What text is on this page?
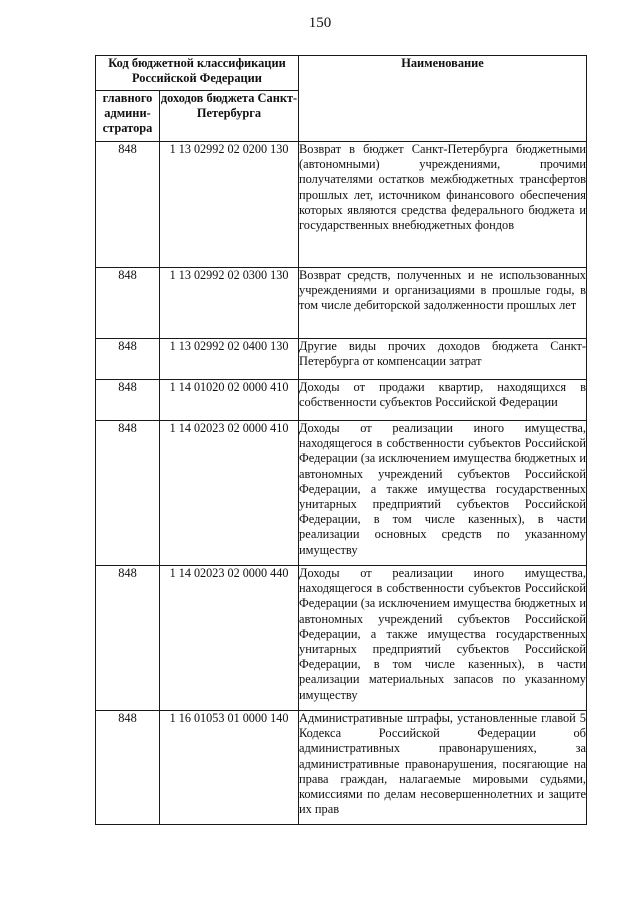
150
Код бюджетной классификации Российской Федерации		Наименование
главного админи-стратора	доходов бюджета Санкт-Петербурга	
848	1 13 02992 02 0200 130	Возврат в бюджет Санкт-Петербурга бюджетными (автономными) учреждениями, прочими получателями остатков межбюджетных трансфертов прошлых лет, источником финансового обеспечения которых являются средства федерального бюджета и государственных внебюджетных фондов
848	1 13 02992 02 0300 130	Возврат средств, полученных и не использованных учреждениями и организациями в прошлые годы, в том числе дебиторской задолженности прошлых лет
848	1 13 02992 02 0400 130	Другие виды прочих доходов бюджета Санкт-Петербурга от компенсации затрат
848	1 14 01020 02 0000 410	Доходы от продажи квартир, находящихся в собственности субъектов Российской Федерации
848	1 14 02023 02 0000 410	Доходы от реализации иного имущества, находящегося в собственности субъектов Российской Федерации (за исключением имущества бюджетных и автономных учреждений субъектов Российской Федерации, а также имущества государственных унитарных предприятий субъектов Российской Федерации, в том числе казенных), в части реализации основных средств по указанному имуществу
848	1 14 02023 02 0000 440	Доходы от реализации иного имущества, находящегося в собственности субъектов Российской Федерации (за исключением имущества бюджетных и автономных учреждений субъектов Российской Федерации, а также имущества государственных унитарных предприятий субъектов Российской Федерации, в том числе казенных), в части реализации материальных запасов по указанному имуществу
848	1 16 01053 01 0000 140	Административные штрафы, установленные главой 5 Кодекса Российской Федерации об административных правонарушениях, за административные правонарушения, посягающие на права граждан, налагаемые мировыми судьями, комиссиями по делам несовершеннолетних и защите их прав
